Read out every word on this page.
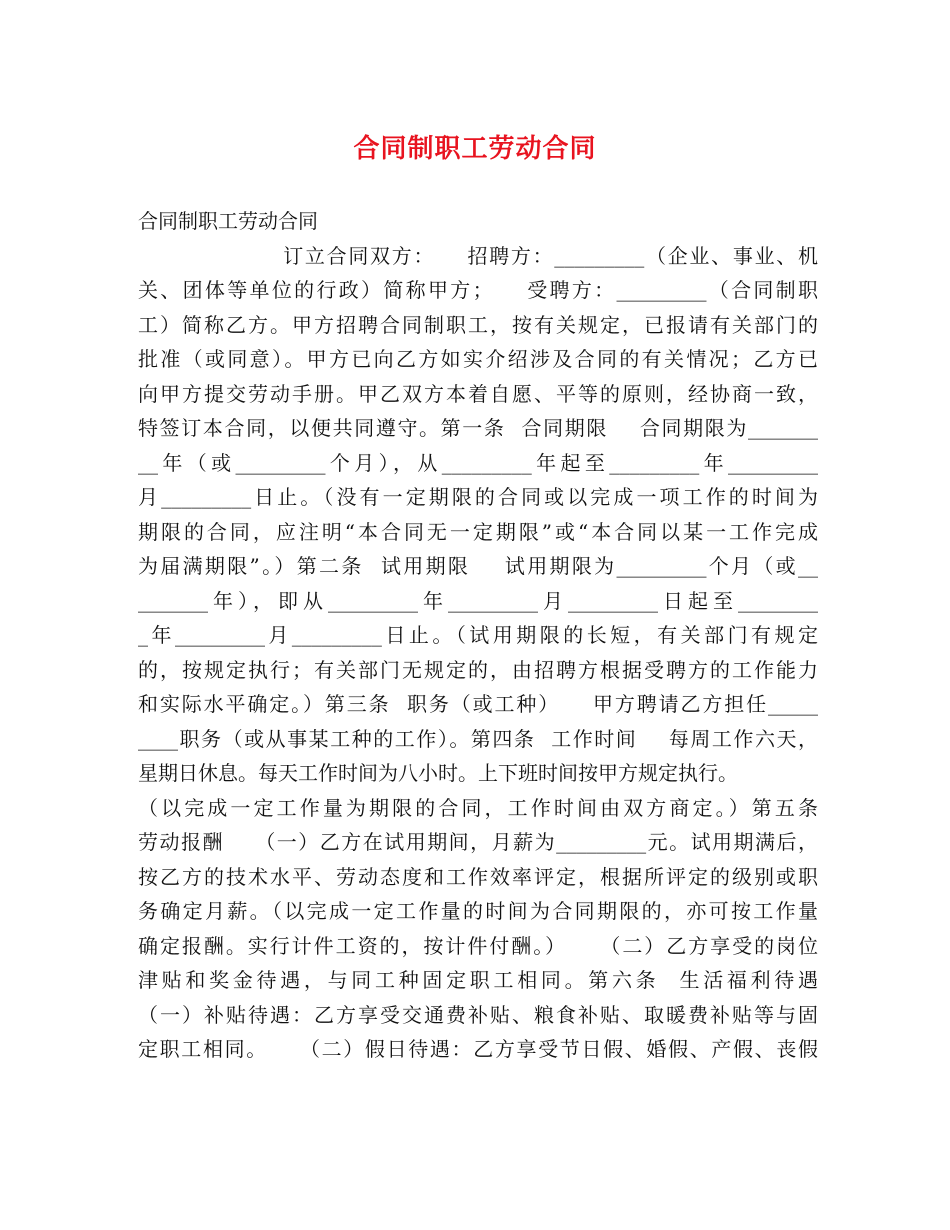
合同制职工劳动合同
合同制职工劳动合同
订立合同双方：    招聘方：_________（企业、事业、机
关、团体等单位的行政）简称甲方；    受聘方：_________（合同制职
工）简称乙方。甲方招聘合同制职工，按有关规定，已报请有关部门的
批准（或同意）。甲方已向乙方如实介绍涉及合同的有关情况；乙方已
向甲方提交劳动手册。甲乙双方本着自愿、平等的原则，经协商一致，
特签订本合同，以便共同遵守。第一条  合同期限    合同期限为_______
__年（或_________个月），从_________年起至_________年_________
月_________日止。（没有一定期限的合同或以完成一项工作的时间为
期限的合同，应注明“本合同无一定期限”或“本合同以某一工作完成
为届满期限”。）第二条  试用期限    试用期限为_________个月（或__
_______年），即从_________年_________月_________日起至________
_年_________月_________日止。（试用期限的长短，有关部门有规定
的，按规定执行；有关部门无规定的，由招聘方根据受聘方的工作能力
和实际水平确定。）第三条  职务（或工种）    甲方聘请乙方担任_____
____职务（或从事某工种的工作）。第四条  工作时间    每周工作六天，
星期日休息。每天工作时间为八小时。上下班时间按甲方规定执行。
（以完成一定工作量为期限的合同，工作时间由双方商定。）第五条
劳动报酬    （一）乙方在试用期间，月薪为_________元。试用期满后，
按乙方的技术水平、劳动态度和工作效率评定，根据所评定的级别或职
务确定月薪。（以完成一定工作量的时间为合同期限的，亦可按工作量
确定报酬。实行计件工资的，按计件付酬。）    （二）乙方享受的岗位
津贴和奖金待遇，与同工种固定职工相同。第六条  生活福利待遇
（一）补贴待遇：乙方享受交通费补贴、粮食补贴、取暖费补贴等与固
定职工相同。    （二）假日待遇：乙方享受节日假、婚假、产假、丧假
